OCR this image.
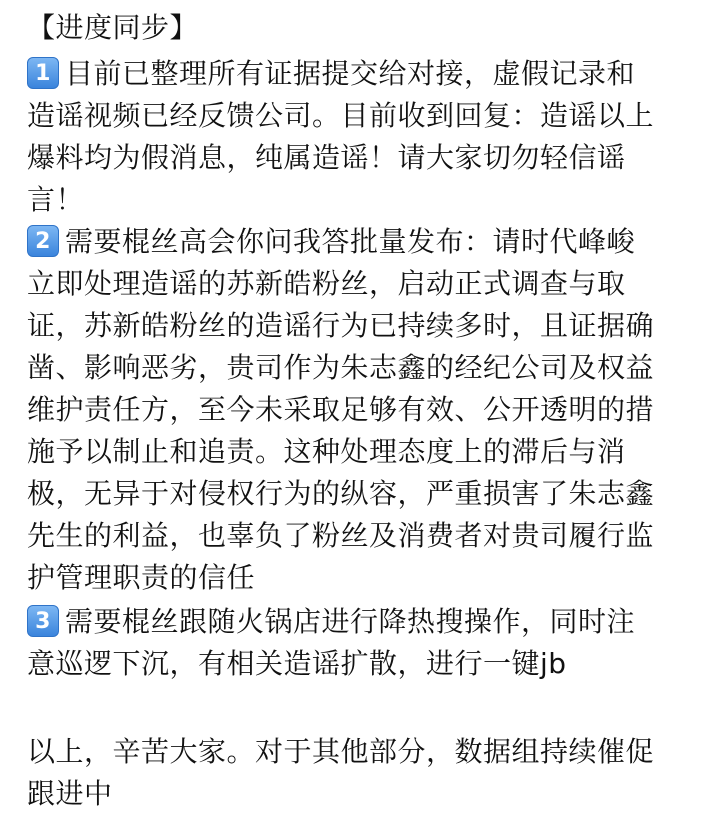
【进度同步】
1 目前已整理所有证据提交给对接，虚假记录和
造谣视频已经反馈公司。目前收到回复：造谣以上
爆料均为假消息，纯属造谣！请大家切勿轻信谣
言！
2 需要棍丝高会你问我答批量发布：请时代峰峻
立即处理造谣的苏新皓粉丝，启动正式调查与取
证，苏新皓粉丝的造谣行为已持续多时，且证据确
凿、影响恶劣，贵司作为朱志鑫的经纪公司及权益
维护责任方，至今未采取足够有效、公开透明的措
施予以制止和追责。这种处理态度上的滞后与消
极，无异于对侵权行为的纵容，严重损害了朱志鑫
先生的利益，也辜负了粉丝及消费者对贵司履行监
护管理职责的信任
3 需要棍丝跟随火锅店进行降热搜操作，同时注
意巡逻下沉，有相关造谣扩散，进行一键jb
以上，辛苦大家。对于其他部分，数据组持续催促
跟进中
